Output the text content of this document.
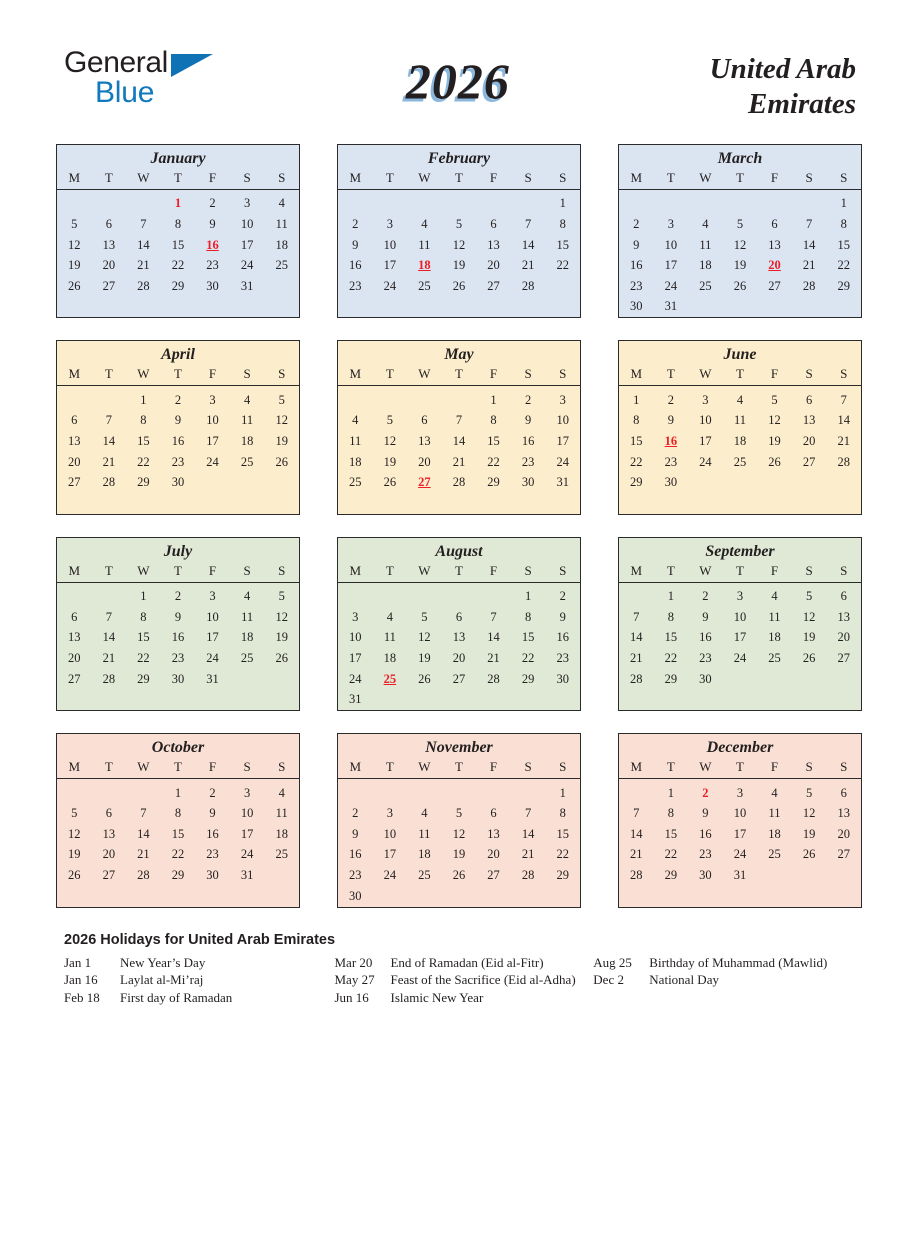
General
Blue	2026	United Arab
Emirates
January
M	T	W	T	F	S	S
			1	2	3	4
5	6	7	8	9	10	11
12	13	14	15	16	17	18
19	20	21	22	23	24	25
26	27	28	29	30	31	

February
M	T	W	T	F	S	S
						1
2	3	4	5	6	7	8
9	10	11	12	13	14	15
16	17	18	19	20	21	22
23	24	25	26	27	28	

March
M	T	W	T	F	S	S
						1
2	3	4	5	6	7	8
9	10	11	12	13	14	15
16	17	18	19	20	21	22
23	24	25	26	27	28	29
30	31					
April
M	T	W	T	F	S	S
		1	2	3	4	5
6	7	8	9	10	11	12
13	14	15	16	17	18	19
20	21	22	23	24	25	26
27	28	29	30			

May
M	T	W	T	F	S	S
				1	2	3
4	5	6	7	8	9	10
11	12	13	14	15	16	17
18	19	20	21	22	23	24
25	26	27	28	29	30	31

June
M	T	W	T	F	S	S
1	2	3	4	5	6	7
8	9	10	11	12	13	14
15	16	17	18	19	20	21
22	23	24	25	26	27	28
29	30					

July
M	T	W	T	F	S	S
		1	2	3	4	5
6	7	8	9	10	11	12
13	14	15	16	17	18	19
20	21	22	23	24	25	26
27	28	29	30	31		

August
M	T	W	T	F	S	S
					1	2
3	4	5	6	7	8	9
10	11	12	13	14	15	16
17	18	19	20	21	22	23
24	25	26	27	28	29	30
31						
September
M	T	W	T	F	S	S
	1	2	3	4	5	6
7	8	9	10	11	12	13
14	15	16	17	18	19	20
21	22	23	24	25	26	27
28	29	30				

October
M	T	W	T	F	S	S
			1	2	3	4
5	6	7	8	9	10	11
12	13	14	15	16	17	18
19	20	21	22	23	24	25
26	27	28	29	30	31	

November
M	T	W	T	F	S	S
						1
2	3	4	5	6	7	8
9	10	11	12	13	14	15
16	17	18	19	20	21	22
23	24	25	26	27	28	29
30						
December
M	T	W	T	F	S	S
	1	2	3	4	5	6
7	8	9	10	11	12	13
14	15	16	17	18	19	20
21	22	23	24	25	26	27
28	29	30	31			

2026 Holidays for United Arab Emirates
Jan 1	New Year’s Day
Jan 16	Laylat al-Mi’raj
Feb 18	First day of Ramadan
Mar 20	End of Ramadan (Eid al-Fitr)
May 27	Feast of the Sacrifice (Eid al-Adha)
Jun 16	Islamic New Year
Aug 25	Birthday of Muhammad (Mawlid)
Dec 2	National Day
